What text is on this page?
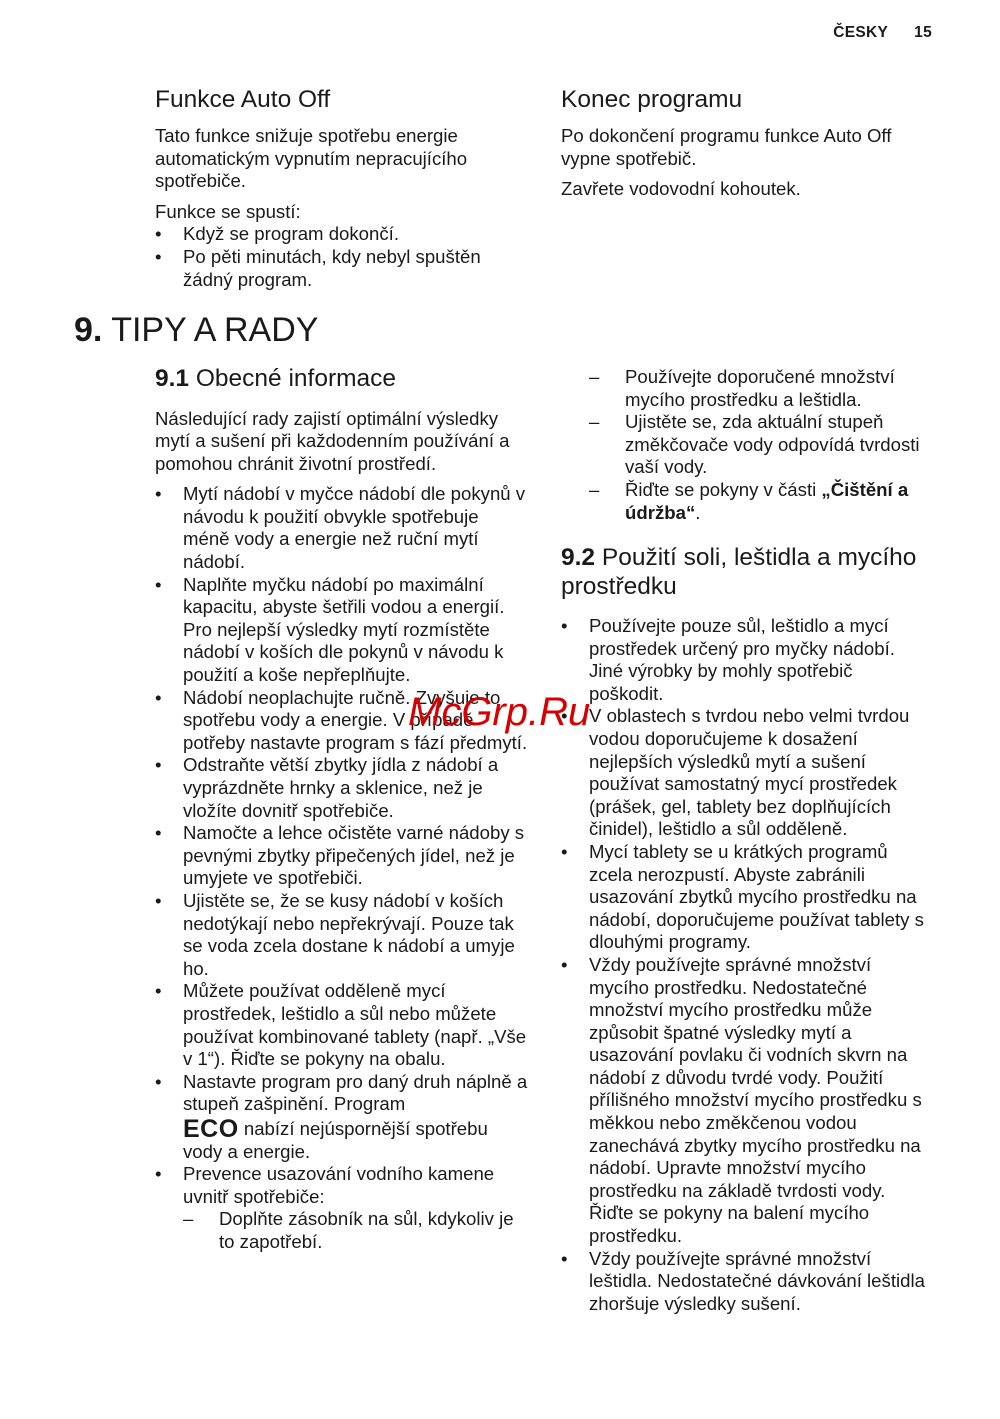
ČESKY 15
Funkce Auto Off

Tato funkce snižuje spotřebu energie automatickým vypnutím nepracujícího spotřebiče.

Funkce se spustí:

• Když se program dokončí.
• Po pěti minutách, kdy nebyl spuštěn žádný program.
Konec programu

Po dokončení programu funkce Auto Off vypne spotřebič.

Zavřete vodovodní kohoutek.

9. TIPY A RADY
9.1 Obecné informace

Následující rady zajistí optimální výsledky mytí a sušení při každodenním používání a pomohou chránit životní prostředí.

• Mytí nádobí v myčce nádobí dle pokynů v návodu k použití obvykle spotřebuje méně vody a energie než ruční mytí nádobí.
• Naplňte myčku nádobí po maximální kapacitu, abyste šetřili vodou a energií. Pro nejlepší výsledky mytí rozmístěte nádobí v koších dle pokynů v návodu k použití a koše nepřeplňujte.
• Nádobí neoplachujte ručně. Zvyšuje to spotřebu vody a energie. V případě potřeby nastavte program s fází předmytí.
• Odstraňte větší zbytky jídla z nádobí a vyprázdněte hrnky a sklenice, než je vložíte dovnitř spotřebiče.
• Namočte a lehce očistěte varné nádoby s pevnými zbytky připečených jídel, než je umyjete ve spotřebiči.
• Ujistěte se, že se kusy nádobí v koších nedotýkají nebo nepřekrývají. Pouze tak se voda zcela dostane k nádobí a umyje ho.
• Můžete používat odděleně mycí prostředek, leštidlo a sůl nebo můžete používat kombinované tablety (např. „Vše v 1“). Řiďte se pokyny na obalu.
• Nastavte program pro daný druh náplně a stupeň zašpinění. Program
ECO nabízí nejúspornější spotřebu vody a energie.
• Prevence usazování vodního kamene uvnitř spotřebiče:
– Doplňte zásobník na sůl, kdykoliv je to zapotřebí.
– Používejte doporučené množství mycího prostředku a leštidla.
– Ujistěte se, zda aktuální stupeň změkčovače vody odpovídá tvrdosti vaší vody.
– Řiďte se pokyny v části „Čištění a údržba“.
9.2 Použití soli, leštidla a mycího prostředku
• Používejte pouze sůl, leštidlo a mycí prostředek určený pro myčky nádobí. Jiné výrobky by mohly spotřebič poškodit.
• V oblastech s tvrdou nebo velmi tvrdou vodou doporučujeme k dosažení nejlepších výsledků mytí a sušení používat samostatný mycí prostředek (prášek, gel, tablety bez doplňujících činidel), leštidlo a sůl odděleně.
• Mycí tablety se u krátkých programů zcela nerozpustí. Abyste zabránili usazování zbytků mycího prostředku na nádobí, doporučujeme používat tablety s dlouhými programy.
• Vždy používejte správné množství mycího prostředku. Nedostatečné množství mycího prostředku může způsobit špatné výsledky mytí a usazování povlaku či vodních skvrn na nádobí z důvodu tvrdé vody. Použití přílišného množství mycího prostředku s měkkou nebo změkčenou vodou zanechává zbytky mycího prostředku na nádobí. Upravte množství mycího prostředku na základě tvrdosti vody. Řiďte se pokyny na balení mycího prostředku.
• Vždy používejte správné množství leštidla. Nedostatečné dávkování leštidla zhoršuje výsledky sušení.
McGrp.Ru
